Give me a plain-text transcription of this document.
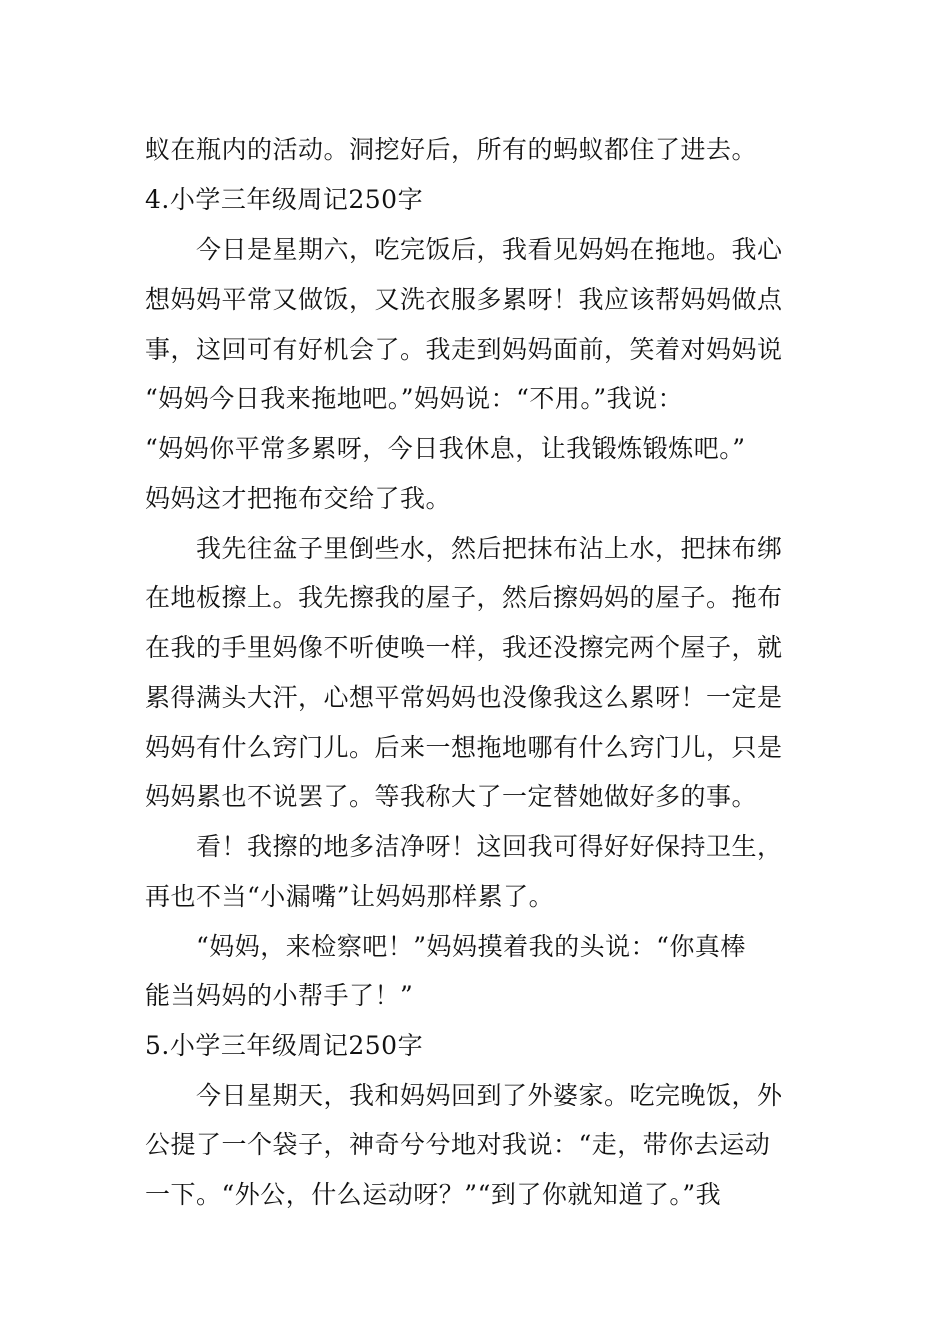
蚁在瓶内的活动。洞挖好后，所有的蚂蚁都住了进去。
4.小学三年级周记250字
今日是星期六，吃完饭后，我看见妈妈在拖地。我心
想妈妈平常又做饭，又洗衣服多累呀！我应该帮妈妈做点
事，这回可有好机会了。我走到妈妈面前，笑着对妈妈说
“妈妈今日我来拖地吧。”妈妈说：“不用。”我说：
“妈妈你平常多累呀，今日我休息，让我锻炼锻炼吧。”
妈妈这才把拖布交给了我。
我先往盆子里倒些水，然后把抹布沾上水，把抹布绑
在地板擦上。我先擦我的屋子，然后擦妈妈的屋子。拖布
在我的手里妈像不听使唤一样，我还没擦完两个屋子，就
累得满头大汗，心想平常妈妈也没像我这么累呀！一定是
妈妈有什么窍门儿。后来一想拖地哪有什么窍门儿，只是
妈妈累也不说罢了。等我称大了一定替她做好多的事。
看！我擦的地多洁净呀！这回我可得好好保持卫生，
再也不当“小漏嘴”让妈妈那样累了。
“妈妈，来检察吧！”妈妈摸着我的头说：“你真棒
能当妈妈的小帮手了！”
5.小学三年级周记250字
今日星期天，我和妈妈回到了外婆家。吃完晚饭，外
公提了一个袋子，神奇兮兮地对我说：“走，带你去运动
一下。“外公，什么运动呀？”“到了你就知道了。”我
